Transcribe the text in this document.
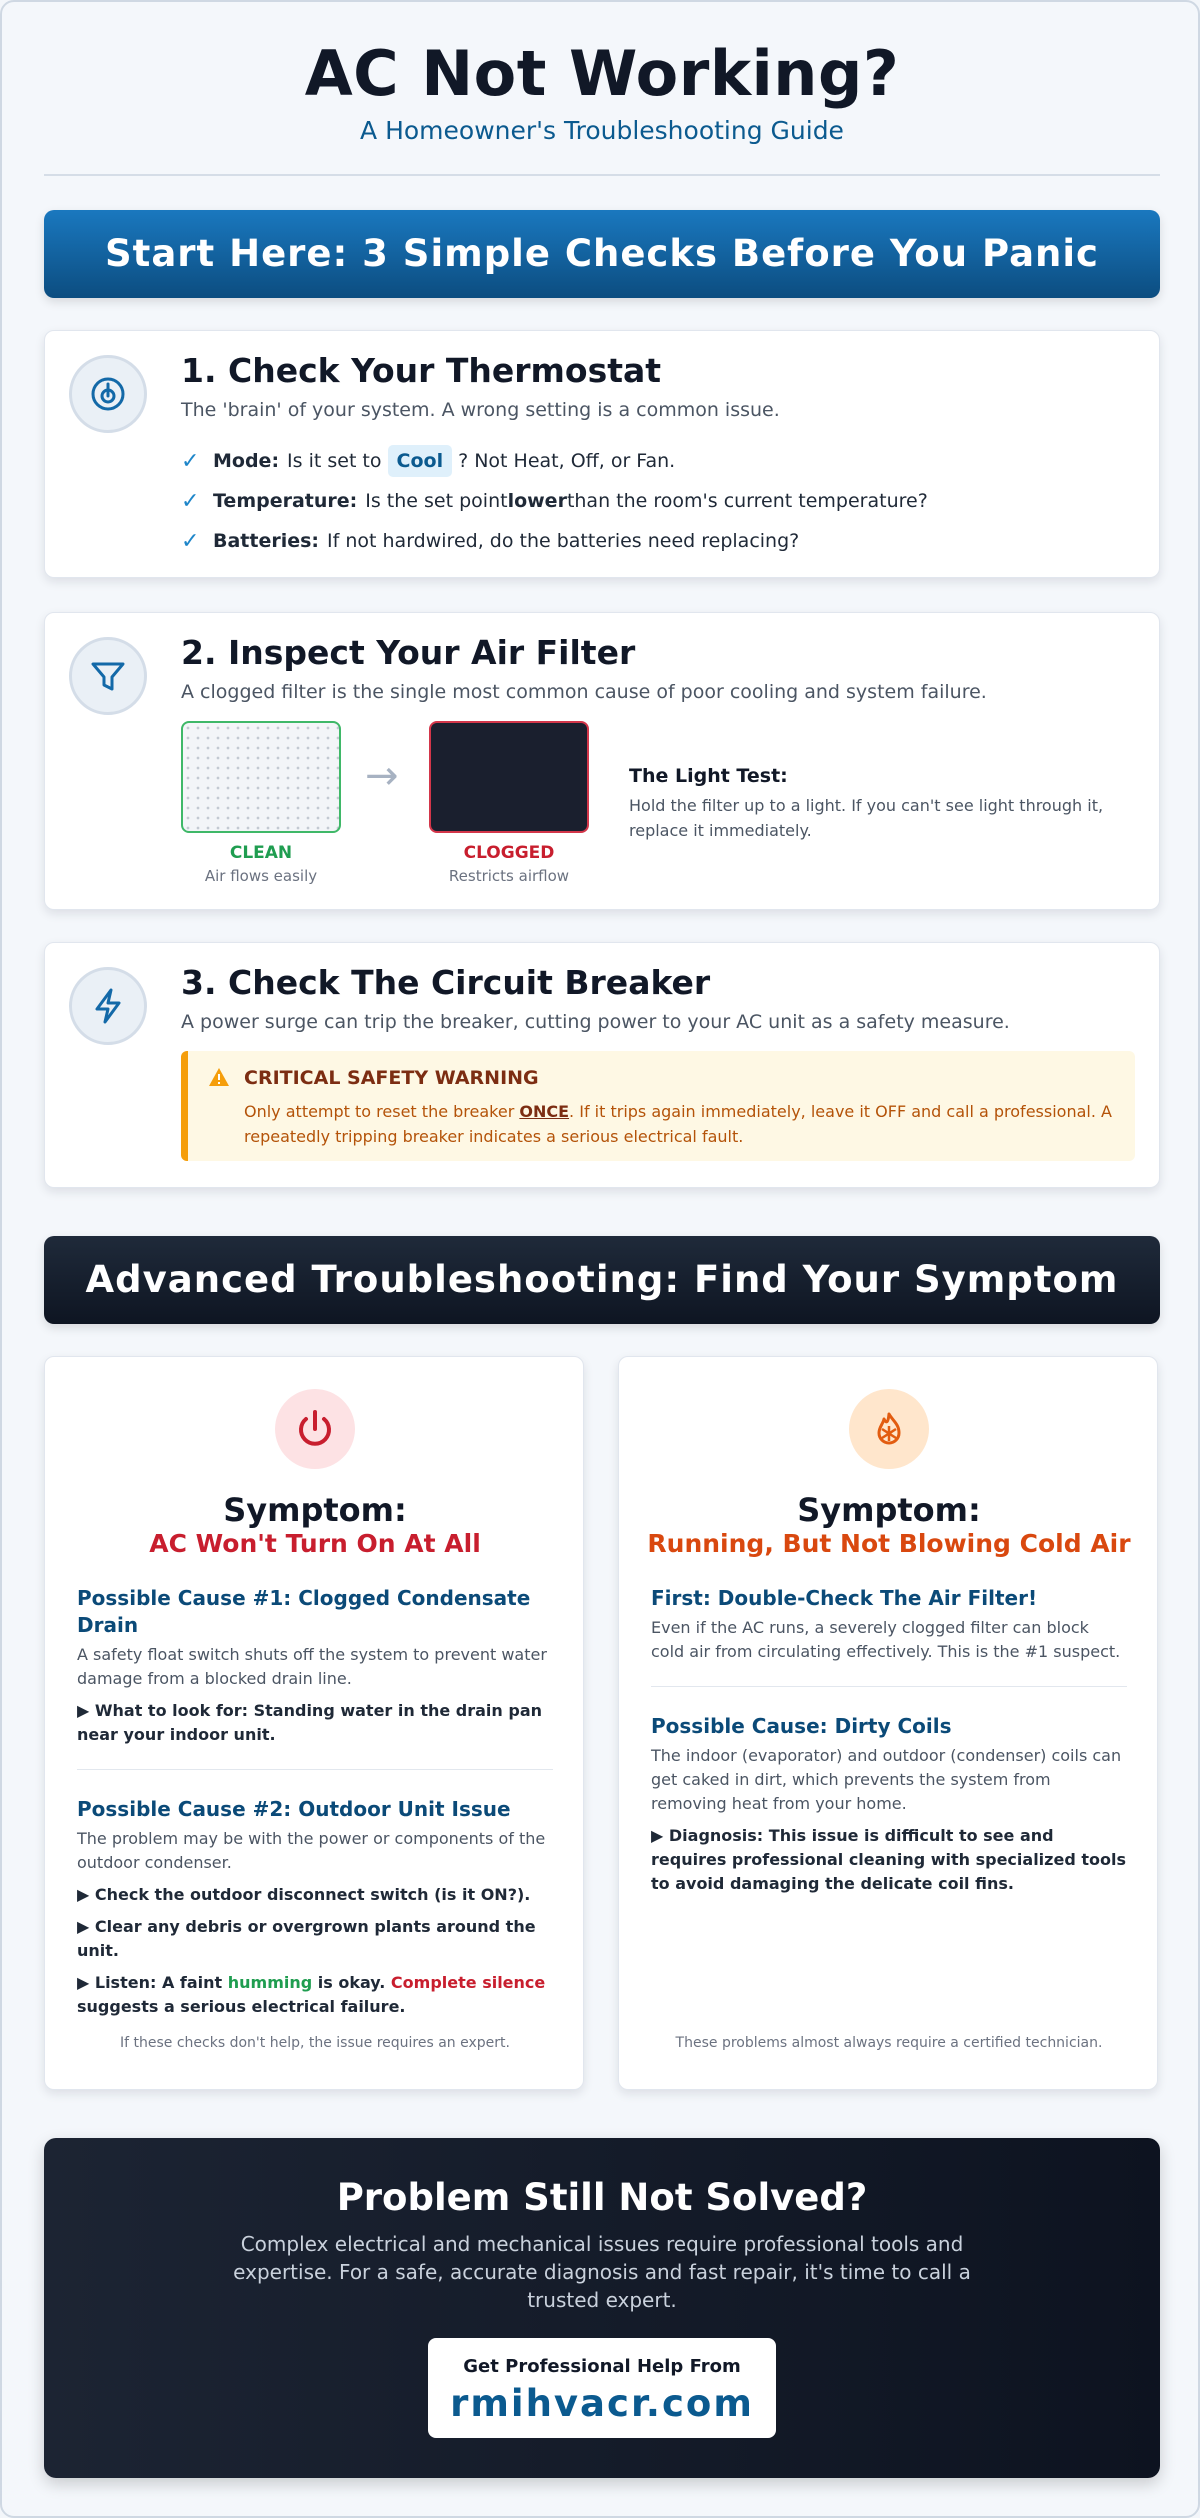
AC Not Working?
A Homeowner's Troubleshooting Guide
Start Here: 3 Simple Checks Before You Panic
1. Check Your Thermostat
The 'brain' of your system. A wrong setting is a common issue.
✓ Mode: Is it set to Cool ? Not Heat, Off, or Fan.
✓ Temperature: Is the set point lower than the room's current temperature?
✓ Batteries: If not hardwired, do the batteries need replacing?
2. Inspect Your Air Filter
A clogged filter is the single most common cause of poor cooling and system failure.
CLEAN
Air flows easily
→
CLOGGED
Restricts airflow
The Light Test:
Hold the filter up to a light. If you can't see light through it, replace it immediately.
3. Check The Circuit Breaker
A power surge can trip the breaker, cutting power to your AC unit as a safety measure.
CRITICAL SAFETY WARNING
Only attempt to reset the breaker ONCE. If it trips again immediately, leave it OFF and call a professional. A repeatedly tripping breaker indicates a serious electrical fault.
Advanced Troubleshooting: Find Your Symptom
Symptom:
AC Won't Turn On At All
Possible Cause #1: Clogged Condensate Drain

A safety float switch shuts off the system to prevent water damage from a blocked drain line.

▶ What to look for: Standing water in the drain pan near your indoor unit.
Possible Cause #2: Outdoor Unit Issue

The problem may be with the power or components of the outdoor condenser.

▶ Check the outdoor disconnect switch (is it ON?).
▶ Clear any debris or overgrown plants around the unit.
▶ Listen: A faint humming is okay. Complete silence suggests a serious electrical failure.
If these checks don't help, the issue requires an expert.
Symptom:
Running, But Not Blowing Cold Air
First: Double-Check The Air Filter!

Even if the AC runs, a severely clogged filter can block cold air from circulating effectively. This is the #1 suspect.

Possible Cause: Dirty Coils

The indoor (evaporator) and outdoor (condenser) coils can get caked in dirt, which prevents the system from removing heat from your home.

▶ Diagnosis: This issue is difficult to see and requires professional cleaning with specialized tools to avoid damaging the delicate coil fins.
These problems almost always require a certified technician.
Problem Still Not Solved?
Complex electrical and mechanical issues require professional tools and expertise. For a safe, accurate diagnosis and fast repair, it's time to call a trusted expert.
Get Professional Help From
rmihvacr.com
